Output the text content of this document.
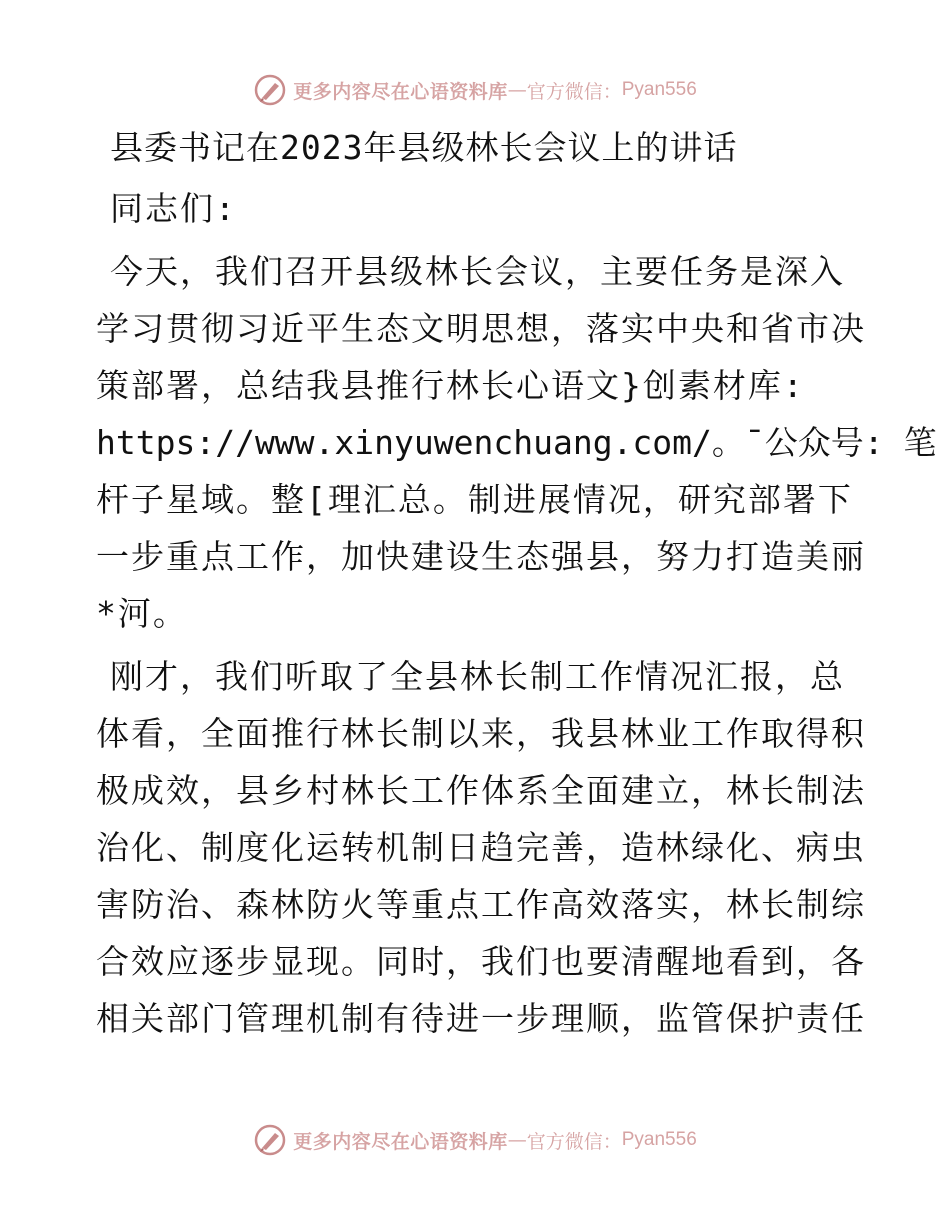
更多内容尽在心语资料库 — 官方微信： Pyan556
县委书记在2023年县级林长会议上的讲话
同志们:
今天，我们召开县级林长会议，主要任务是深入
学习贯彻习近平生态文明思想，落实中央和省市决
策部署，总结我县推行林长心语文}创素材库:
https://www.xinyuwenchuang.com/。¯公众号: 笔
杆子星域。整[理汇总。制进展情况，研究部署下
一步重点工作，加快建设生态强县，努力打造美丽
*河。
刚才，我们听取了全县林长制工作情况汇报，总
体看，全面推行林长制以来，我县林业工作取得积
极成效，县乡村林长工作体系全面建立，林长制法
治化、制度化运转机制日趋完善，造林绿化、病虫
害防治、森林防火等重点工作高效落实，林长制综
合效应逐步显现。同时，我们也要清醒地看到，各
相关部门管理机制有待进一步理顺，监管保护责任
更多内容尽在心语资料库 — 官方微信： Pyan556
